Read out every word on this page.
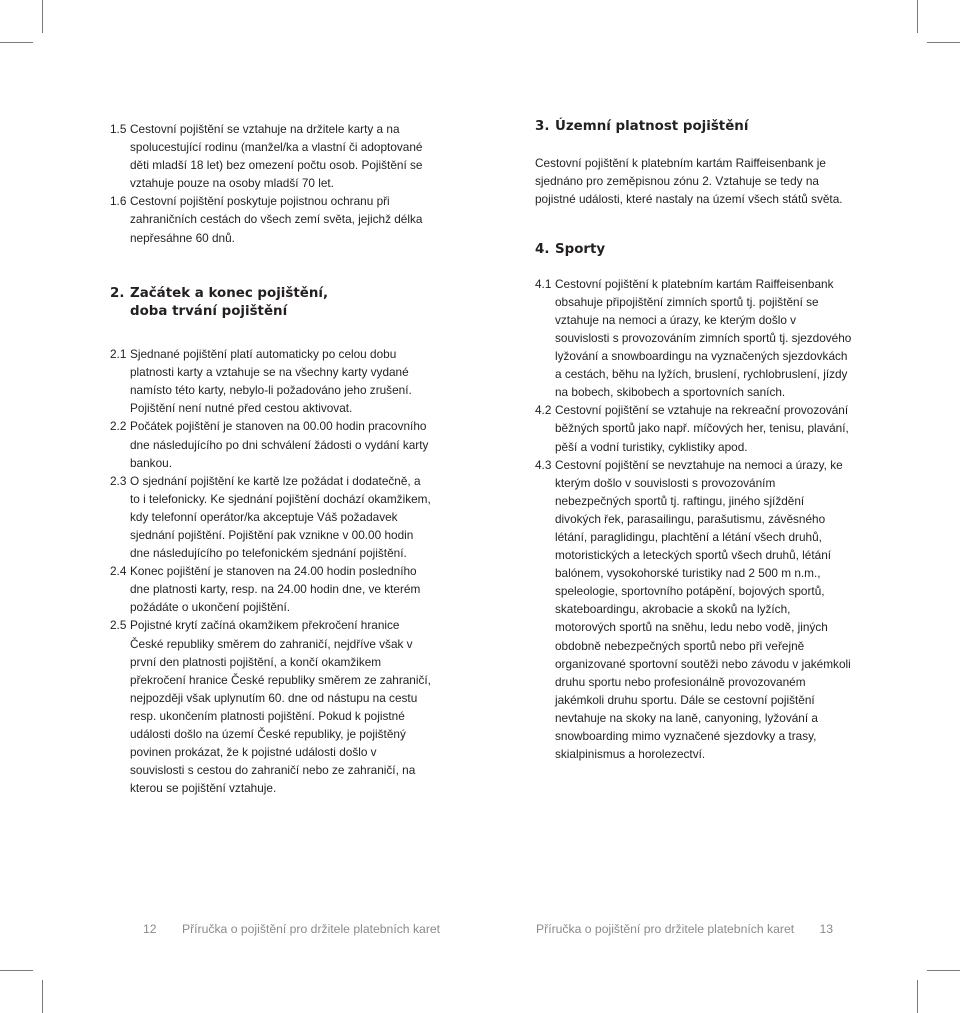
1.5 Cestovní pojištění se vztahuje na držitele karty a na spolucestující rodinu (manžel/ka a vlastní či adoptované děti mladší 18 let) bez omezení počtu osob. Pojištění se vztahuje pouze na osoby mladší 70 let.

1.6 Cestovní pojištění poskytuje pojistnou ochranu při zahraničních cestách do všech zemí světa, jejichž délka nepřesáhne 60 dnů.

2. Začátek a konec pojištění,
doba trvání pojištění

2.1 Sjednané pojištění platí automaticky po celou dobu platnosti karty a vztahuje se na všechny karty vydané namísto této karty, nebylo-li požadováno jeho zrušení. Pojištění není nutné před cestou aktivovat.

2.2 Počátek pojištění je stanoven na 00.00 hodin pracovního dne následujícího po dni schválení žádosti o vydání karty bankou.

2.3 O sjednání pojištění ke kartě lze požádat i dodatečně, a to i telefonicky. Ke sjednání pojištění dochází okamžikem, kdy telefonní operátor/ka akceptuje Váš požadavek sjednání pojištění. Pojištění pak vznikne v 00.00 hodin dne následujícího po telefonickém sjednání pojištění.

2.4 Konec pojištění je stanoven na 24.00 hodin posledního dne platnosti karty, resp. na 24.00 hodin dne, ve kterém požádáte o ukončení pojištění.

2.5 Pojistné krytí začíná okamžikem překročení hranice České republiky směrem do zahraničí, nejdříve však v první den platnosti pojištění, a končí okamžikem překročení hranice České republiky směrem ze zahraničí, nejpozději však uplynutím 60. dne od nástupu na cestu resp. ukončením platnosti pojištění. Pokud k pojistné události došlo na území České republiky, je pojištěný povinen prokázat, že k pojistné události došlo v souvislosti s cestou do zahraničí nebo ze zahraničí, na kterou se pojištění vztahuje.

3. Územní platnost pojištění

Cestovní pojištění k platebním kartám Raiffeisenbank je sjednáno pro zeměpisnou zónu 2. Vztahuje se tedy na pojistné události, které nastaly na území všech států světa.

4. Sporty

4.1 Cestovní pojištění k platebním kartám Raiffeisenbank obsahuje připojištění zimních sportů tj. pojištění se vztahuje na nemoci a úrazy, ke kterým došlo v souvislosti s provozováním zimních sportů tj. sjezdového lyžování a snowboardingu na vyznačených sjezdovkách a cestách, běhu na lyžích, bruslení, rychlobruslení, jízdy na bobech, skibobech a sportovních saních.

4.2 Cestovní pojištění se vztahuje na rekreační provozování běžných sportů jako např. míčových her, tenisu, plavání, pěší a vodní turistiky, cyklistiky apod.

4.3 Cestovní pojištění se nevztahuje na nemoci a úrazy, ke kterým došlo v souvislosti s provozováním nebezpečných sportů tj. raftingu, jiného sjíždění divokých řek, parasailingu, parašutismu, závěsného létání, paraglidingu, plachtění a létání všech druhů, motoristických a leteckých sportů všech druhů, létání balónem, vysokohorské turistiky nad 2 500 m n.m., speleologie, sportovního potápění, bojových sportů, skateboardingu, akrobacie a skoků na lyžích, motorových sportů na sněhu, ledu nebo vodě, jiných obdobně nebezpečných sportů nebo při veřejně organizované sportovní soutěži nebo závodu v jakémkoli druhu sportu nebo profesionálně provozovaném jakémkoli druhu sportu. Dále se cestovní pojištění nevtahuje na skoky na laně, canyoning, lyžování a snowboarding mimo vyznačené sjezdovky a trasy, skialpinismus a horolezectví.

12 Příručka o pojištění pro držitele platebních karet	Příručka o pojištění pro držitele platebních karet 13
